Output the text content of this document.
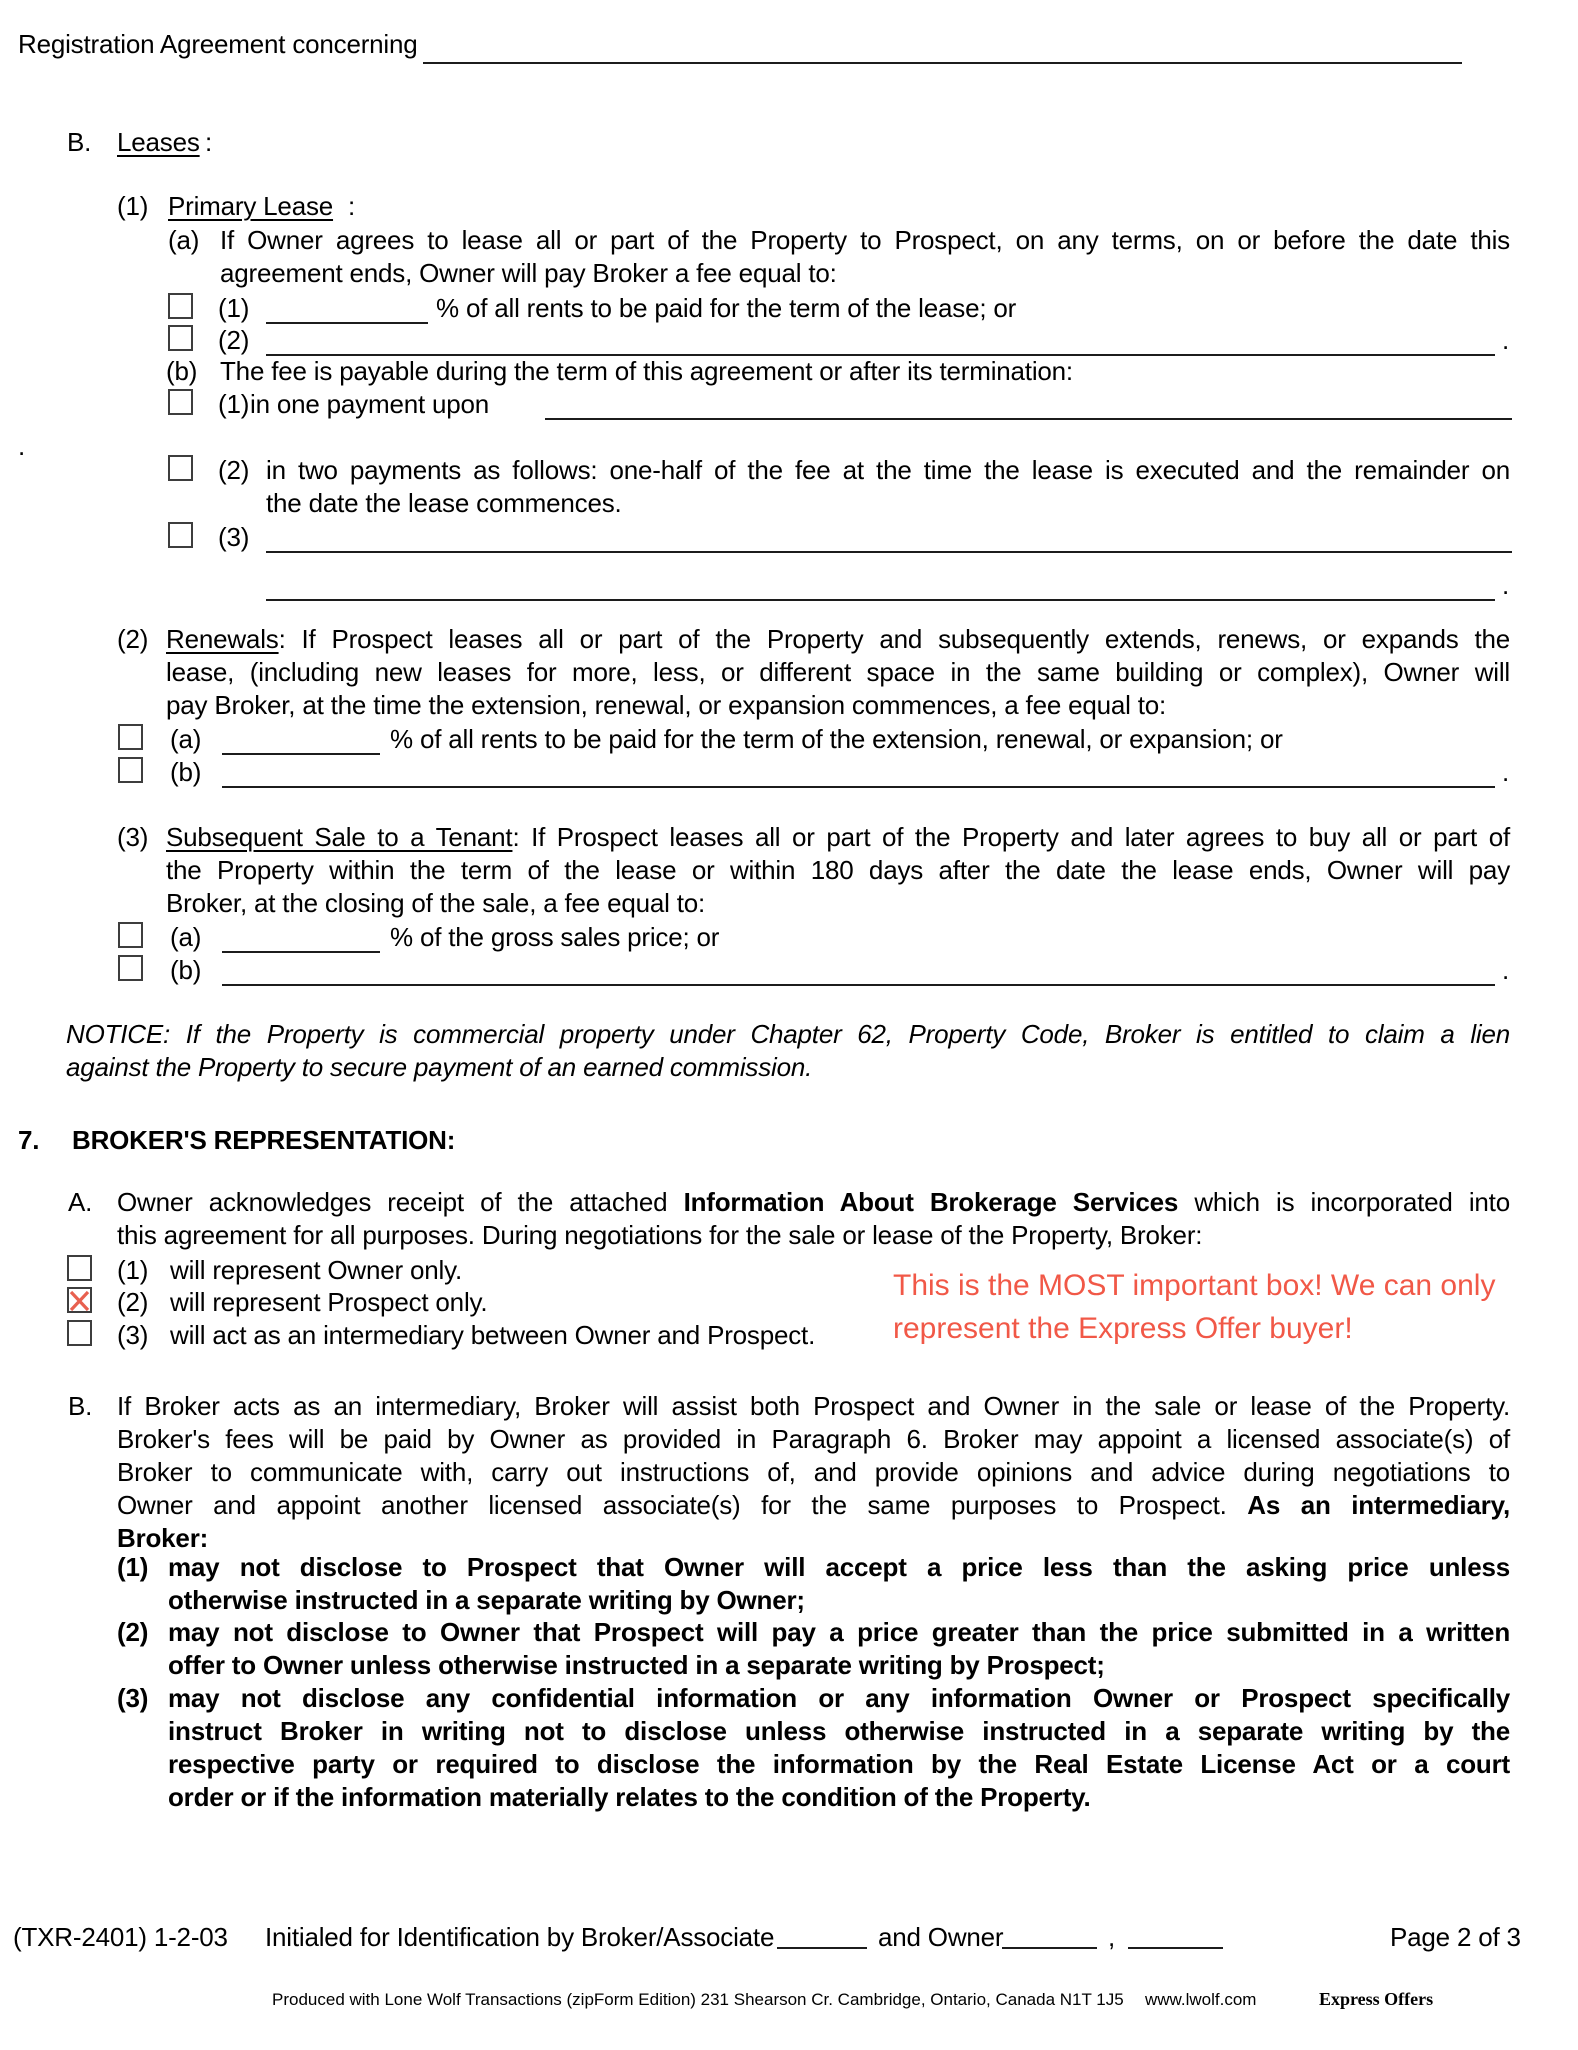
Registration Agreement concerning
B. Leases :
(1) Primary Lease :
(a) If Owner agrees to lease all or part of the Property to Prospect, on any terms, on or before the date this
agreement ends, Owner will pay Broker a fee equal to:
(1)	% of all rents to be paid for the term of the lease; or
(2)	.
(b) The fee is payable during the term of this agreement or after its termination:
(1) in one payment upon
.
(2) in two payments as follows: one-half of the fee at the time the lease is executed and the remainder on
the date the lease commences.
(3)
.
(2) Renewals: If Prospect leases all or part of the Property and subsequently extends, renews, or expands the
lease, (including new leases for more, less, or different space in the same building or complex), Owner will
pay Broker, at the time the extension, renewal, or expansion commences, a fee equal to:
(a)	% of all rents to be paid for the term of the extension, renewal, or expansion; or
(b)	.
(3) Subsequent Sale to a Tenant: If Prospect leases all or part of the Property and later agrees to buy all or part of
the Property within the term of the lease or within 180 days after the date the lease ends, Owner will pay
Broker, at the closing of the sale, a fee equal to:
(a)	% of the gross sales price; or
(b)	.
NOTICE: If the Property is commercial property under Chapter 62, Property Code, Broker is entitled to claim a lien
against the Property to secure payment of an earned commission.
7. BROKER'S REPRESENTATION:
A. Owner acknowledges receipt of the attached Information About Brokerage Services which is incorporated into
this agreement for all purposes. During negotiations for the sale or lease of the Property, Broker:
(1) will represent Owner only.
(2) will represent Prospect only.
(3) will act as an intermediary between Owner and Prospect.
This is the MOST important box! We can only
represent the Express Offer buyer!
B. If Broker acts as an intermediary, Broker will assist both Prospect and Owner in the sale or lease of the Property.
Broker's fees will be paid by Owner as provided in Paragraph 6. Broker may appoint a licensed associate(s) of
Broker to communicate with, carry out instructions of, and provide opinions and advice during negotiations to
Owner and appoint another licensed associate(s) for the same purposes to Prospect. As an intermediary,
Broker:
(1) may not disclose to Prospect that Owner will accept a price less than the asking price unless
otherwise instructed in a separate writing by Owner;
(2) may not disclose to Owner that Prospect will pay a price greater than the price submitted in a written
offer to Owner unless otherwise instructed in a separate writing by Prospect;
(3) may not disclose any confidential information or any information Owner or Prospect specifically
instruct Broker in writing not to disclose unless otherwise instructed in a separate writing by the
respective party or required to disclose the information by the Real Estate License Act or a court
order or if the information materially relates to the condition of the Property.
(TXR-2401) 1-2-03 Initialed for Identification by Broker/Associate	and Owner	,	Page 2 of 3
Produced with Lone Wolf Transactions (zipForm Edition) 231 Shearson Cr. Cambridge, Ontario, Canada N1T 1J5 www.lwolf.com	Express Offers
